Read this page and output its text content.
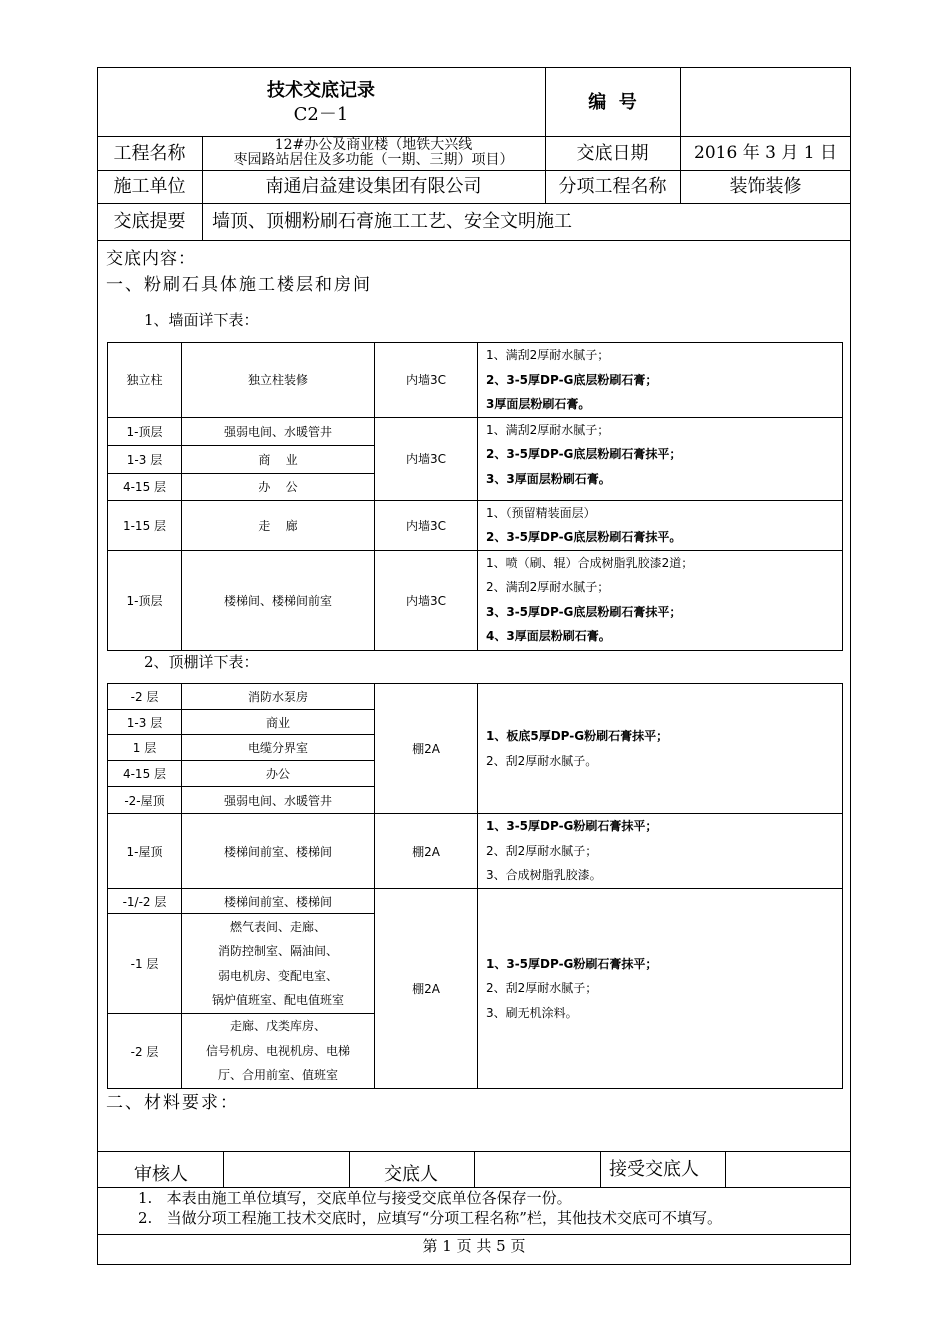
技术交底记录
C2－1
编  号
工程名称	12#办公及商业楼（地铁大兴线
枣园路站居住及多功能（一期、三期）项目）	交底日期	2016 年 3 月 1 日
施工单位	南通启益建设集团有限公司	分项工程名称	装饰装修
交底提要	墙顶、顶棚粉刷石膏施工工艺、安全文明施工
交底内容：
一、粉刷石具体施工楼层和房间
1、墙面详下表：
独立柱	独立柱装修	内墙3C	1、满刮2厚耐水腻子；
2、3-5厚DP-G底层粉刷石膏；
3厚面层粉刷石膏。

1-顶层	强弱电间、水暖管井	内墙3C	1、满刮2厚耐水腻子；
2、3-5厚DP-G底层粉刷石膏抹平；
3、3厚面层粉刷石膏。

1-3 层	商    业		
4-15 层	办    公		
1-15 层	走    廊	内墙3C	1、（预留精装面层）
2、3-5厚DP-G底层粉刷石膏抹平。

1-顶层	楼梯间、楼梯间前室	内墙3C	1、喷（刷、辊）合成树脂乳胶漆2道；
2、满刮2厚耐水腻子；
3、3-5厚DP-G底层粉刷石膏抹平；
4、3厚面层粉刷石膏。
2、顶棚详下表：
-2 层	消防水泵房	棚2A	1、板底5厚DP-G粉刷石膏抹平；
2、刮2厚耐水腻子。

1-3 层	商业		
1 层	电缆分界室		
4-15 层	办公		
-2-屋顶	强弱电间、水暖管井		
1-屋顶	楼梯间前室、楼梯间	棚2A	1、3-5厚DP-G粉刷石膏抹平；
2、刮2厚耐水腻子；
3、合成树脂乳胶漆。

-1/-2 层	楼梯间前室、楼梯间	棚2A	1、3-5厚DP-G粉刷石膏抹平；
2、刮2厚耐水腻子；
3、刷无机涂料。

-1 层	燃气表间、走廊、
消防控制室、隔油间、
弱电机房、变配电室、
锅炉值班室、配电值班室		

-2 层	走廊、戊类库房、
信号机房、电视机房、电梯
厅、合用前室、值班室		
二、材料要求：
审核人	交底人	接受交底人
1.   本表由施工单位填写，交底单位与接受交底单位各保存一份。
2.   当做分项工程施工技术交底时，应填写“分项工程名称”栏，其他技术交底可不填写。
第 1 页 共 5 页
